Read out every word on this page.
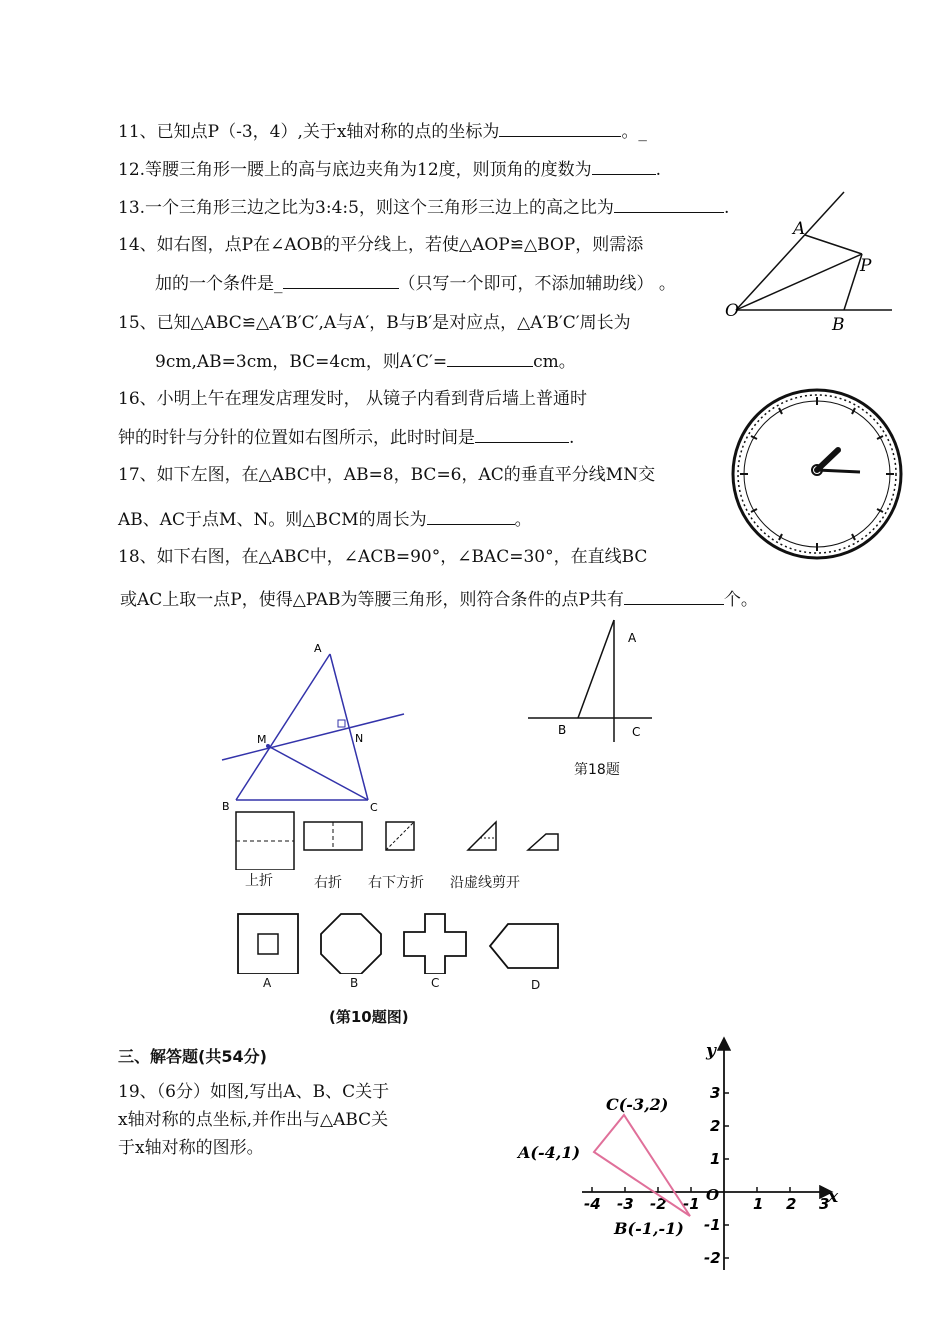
11、已知点P（-3，4）,关于x轴对称的点的坐标为	。_
12.等腰三角形一腰上的高与底边夹角为12度，则顶角的度数为	.
13.一个三角形三边之比为3:4:5，则这个三角形三边上的高之比为	.
14、如右图，点P在∠AOB的平分线上，若使△AOP≌△BOP，则需添
加的一个条件是_	（只写一个即可，不添加辅助线） 。
A
P
O
B
15、已知△ABC≌△A′B′C′,A与A′，B与B′是对应点，△A′B′C′周长为
9cm,AB=3cm，BC=4cm，则A′C′=	cm。
16、小明上午在理发店理发时， 从镜子内看到背后墙上普通时
钟的时针与分针的位置如右图所示，此时时间是	.
17、如下左图，在△ABC中，AB=8，BC=6，AC的垂直平分线MN交
AB、AC于点M、N。则△BCM的周长为	。
18、如下右图，在△ABC中，∠ACB=90°，∠BAC=30°，在直线BC
或AC上取一点P，使得△PAB为等腰三角形，则符合条件的点P共有	个。
A
M	N
B	C
A
B	C
第18题
上折	右折 右下方折 沿虚线剪开
A	B	C	D
(第10题图)
三、解答题(共54分)
19、（6分）如图,写出A、B、C关于
x轴对称的点坐标,并作出与△ABC关
于x轴对称的图形。
y
x
O
-4 -3 -2 -1	1 2 3
3
2
1
-1
-2
A(-4,1)
C(-3,2)
B(-1,-1)
